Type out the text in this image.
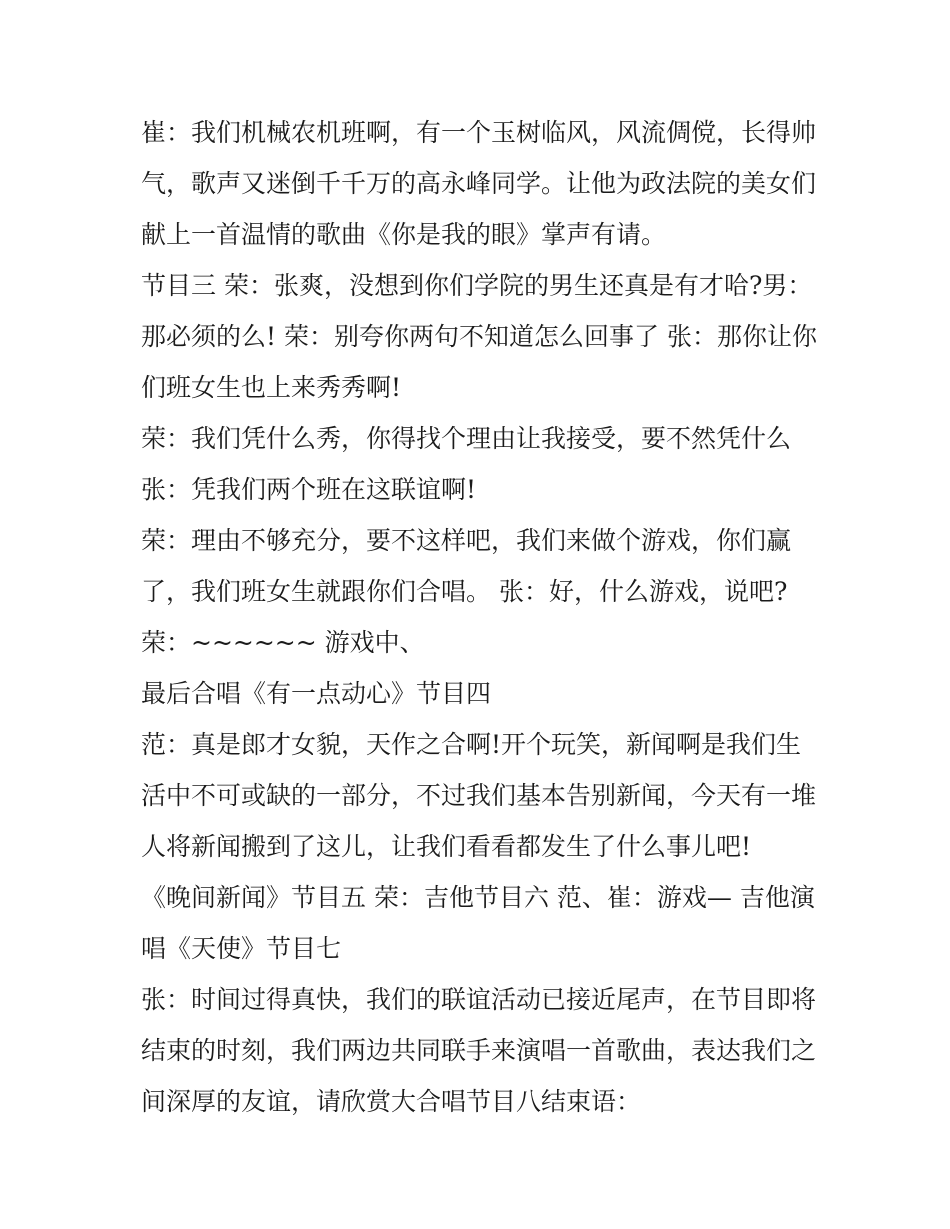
崔：我们机械农机班啊，有一个玉树临风，风流倜傥，长得帅
气，歌声又迷倒千千万的高永峰同学。让他为政法院的美女们
献上一首温情的歌曲《你是我的眼》掌声有请。
节目三 荣：张爽，没想到你们学院的男生还真是有才哈?男：
那必须的么! 荣：别夸你两句不知道怎么回事了 张：那你让你
们班女生也上来秀秀啊!
荣：我们凭什么秀，你得找个理由让我接受，要不然凭什么
张：凭我们两个班在这联谊啊!
荣：理由不够充分，要不这样吧，我们来做个游戏，你们赢
了，我们班女生就跟你们合唱。 张：好，什么游戏，说吧?
荣：~~~~~~ 游戏中、
最后合唱《有一点动心》节目四
范：真是郎才女貌，天作之合啊!开个玩笑，新闻啊是我们生
活中不可或缺的一部分，不过我们基本告别新闻，今天有一堆
人将新闻搬到了这儿，让我们看看都发生了什么事儿吧!
《晚间新闻》节目五 荣：吉他节目六 范、崔：游戏— 吉他演
唱《天使》节目七
张：时间过得真快，我们的联谊活动已接近尾声，在节目即将
结束的时刻，我们两边共同联手来演唱一首歌曲，表达我们之
间深厚的友谊，请欣赏大合唱节目八结束语：
